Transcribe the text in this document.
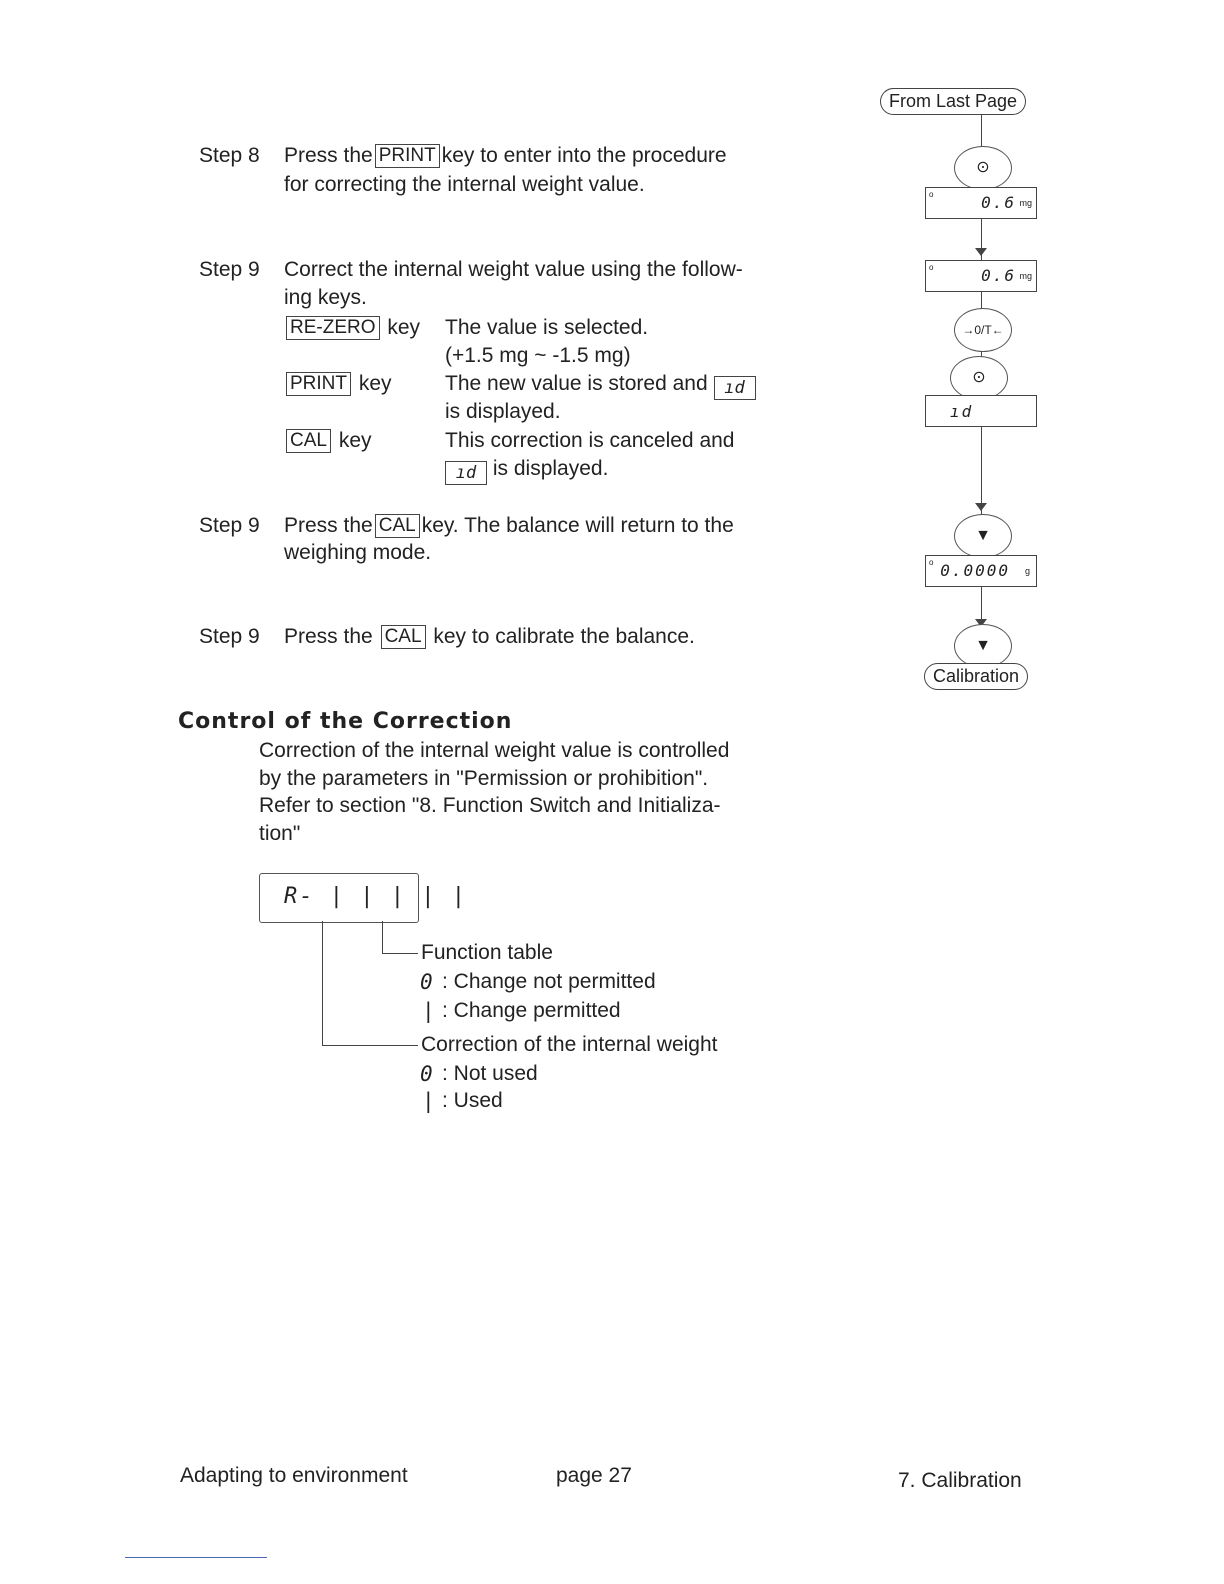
Step 8 Press the PRINT key to enter into the procedure
for correcting the internal weight value.
Step 9 Correct the internal weight value using the follow-
ing keys.
RE-ZERO key The value is selected.
(+1.5 mg ~ -1.5 mg)
PRINT key	The new value is stored and ıd
is displayed.
CAL key	This correction is canceled and
ıd is displayed.
Step 9 Press the CAL key. The balance will return to the
weighing mode.
Step 9 Press the CAL key to calibrate the balance.
Control of the Correction
Correction of the internal weight value is controlled
by the parameters in "Permission or prohibition".
Refer to section "8. Function Switch and Initializa-
tion"
R- | | | | |
Function table
0 : Change not permitted
| : Change permitted
Correction of the internal weight
0 : Not used
| : Used
From Last Page
⊙
o	0.6 mg
o	0.6 mg
→0/T←
⊙
ıd
▼
o 0.0000 g
▼
Calibration
Adapting to environment	page 27	7. Calibration
